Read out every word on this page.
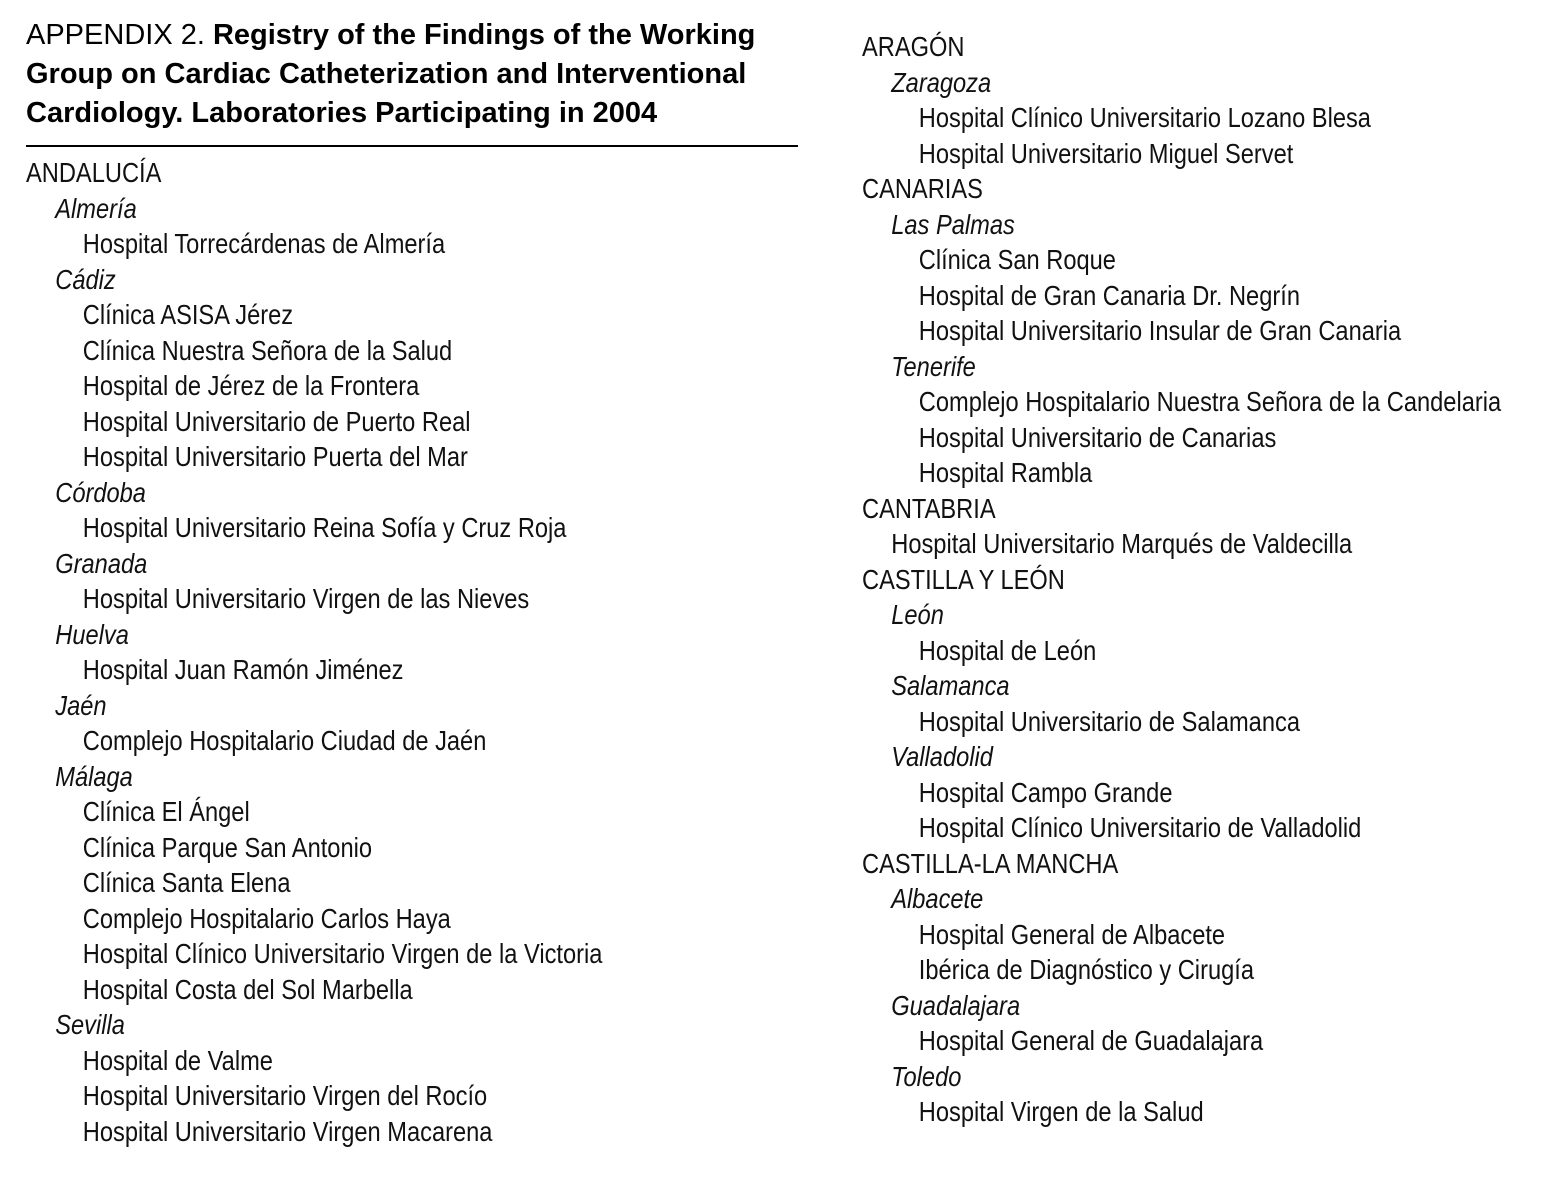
APPENDIX 2. Registry of the Findings of the Working Group on Cardiac Catheterization and Interventional Cardiology. Laboratories Participating in 2004
ANDALUCÍA
Almería
Hospital Torrecárdenas de Almería
Cádiz
Clínica ASISA Jérez
Clínica Nuestra Señora de la Salud
Hospital de Jérez de la Frontera
Hospital Universitario de Puerto Real
Hospital Universitario Puerta del Mar
Córdoba
Hospital Universitario Reina Sofía y Cruz Roja
Granada
Hospital Universitario Virgen de las Nieves
Huelva
Hospital Juan Ramón Jiménez
Jaén
Complejo Hospitalario Ciudad de Jaén
Málaga
Clínica El Ángel
Clínica Parque San Antonio
Clínica Santa Elena
Complejo Hospitalario Carlos Haya
Hospital Clínico Universitario Virgen de la Victoria
Hospital Costa del Sol Marbella
Sevilla
Hospital de Valme
Hospital Universitario Virgen del Rocío
Hospital Universitario Virgen Macarena
ARAGÓN
Zaragoza
Hospital Clínico Universitario Lozano Blesa
Hospital Universitario Miguel Servet
CANARIAS
Las Palmas
Clínica San Roque
Hospital de Gran Canaria Dr. Negrín
Hospital Universitario Insular de Gran Canaria
Tenerife
Complejo Hospitalario Nuestra Señora de la Candelaria
Hospital Universitario de Canarias
Hospital Rambla
CANTABRIA
Hospital Universitario Marqués de Valdecilla
CASTILLA Y LEÓN
León
Hospital de León
Salamanca
Hospital Universitario de Salamanca
Valladolid
Hospital Campo Grande
Hospital Clínico Universitario de Valladolid
CASTILLA-LA MANCHA
Albacete
Hospital General de Albacete
Ibérica de Diagnóstico y Cirugía
Guadalajara
Hospital General de Guadalajara
Toledo
Hospital Virgen de la Salud
